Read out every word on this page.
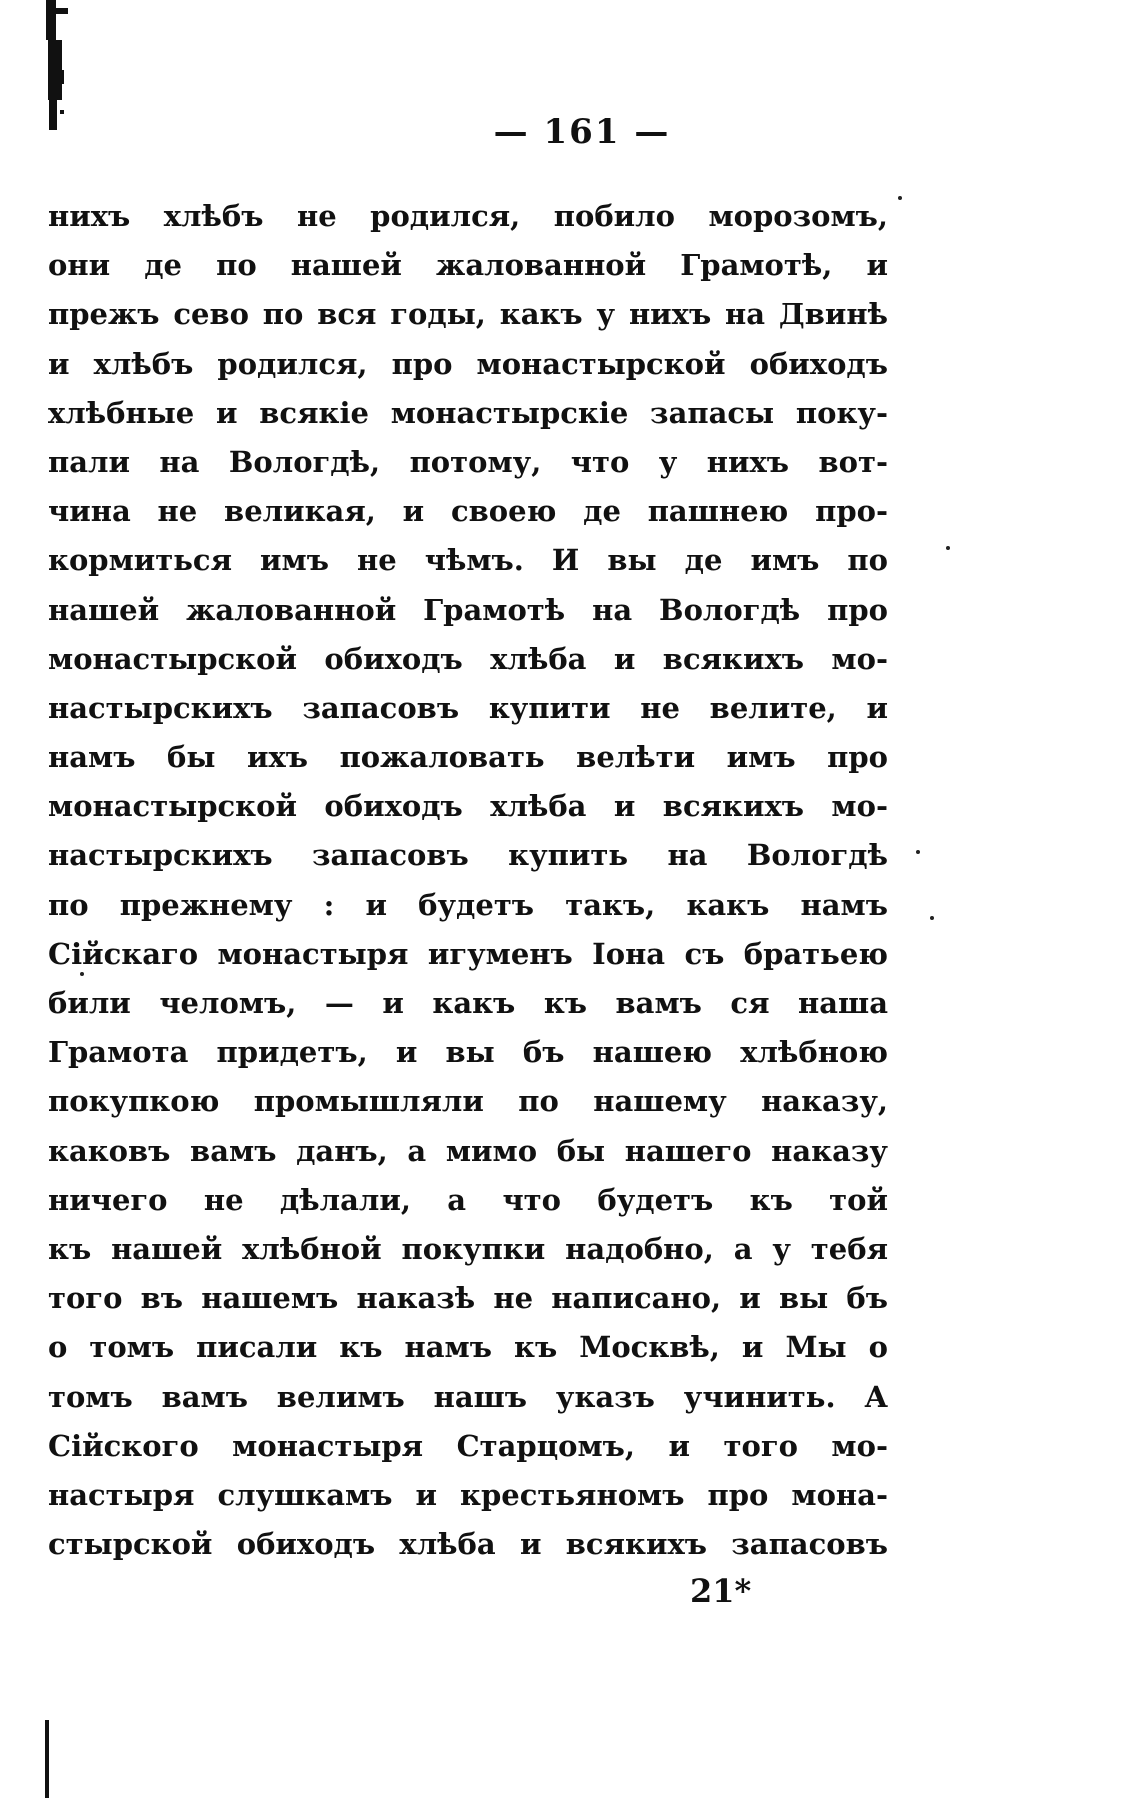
— 161 —
нихъ хлѣбъ не родился, побило морозомъ,
они де по нашей жалованной Грамотѣ, и
прежъ сево по вся годы, какъ у нихъ на Двинѣ
и хлѣбъ родился, про монастырской обиходъ
хлѣбные и всякіе монастырскіе запасы поку-
пали на Вологдѣ, потому, что у нихъ вот-
чина не великая, и своею де пашнею про-
кормиться имъ не чѣмъ. И вы де имъ по
нашей жалованной Грамотѣ на Вологдѣ про
монастырской обиходъ хлѣба и всякихъ мо-
настырскихъ запасовъ купити не велите, и
намъ бы ихъ пожаловать велѣти имъ про
монастырской обиходъ хлѣба и всякихъ мо-
настырскихъ запасовъ купить на Вологдѣ
по прежнему : и будетъ такъ, какъ намъ
Сійскаго монастыря игуменъ Іона съ братьею
били челомъ, — и какъ къ вамъ ся наша
Грамота придетъ, и вы бъ нашею хлѣбною
покупкою промышляли по нашему наказу,
каковъ вамъ данъ, а мимо бы нашего наказу
ничего не дѣлали, а что будетъ къ той
къ нашей хлѣбной покупки надобно, а у тебя
того въ нашемъ наказѣ не написано, и вы бъ
о томъ писали къ намъ къ Москвѣ, и Мы о
томъ вамъ велимъ нашъ указъ учинить. А
Сійского монастыря Старцомъ, и того мо-
настыря слушкамъ и крестьяномъ про мона-
стырской обиходъ хлѣба и всякихъ запасовъ
21*
